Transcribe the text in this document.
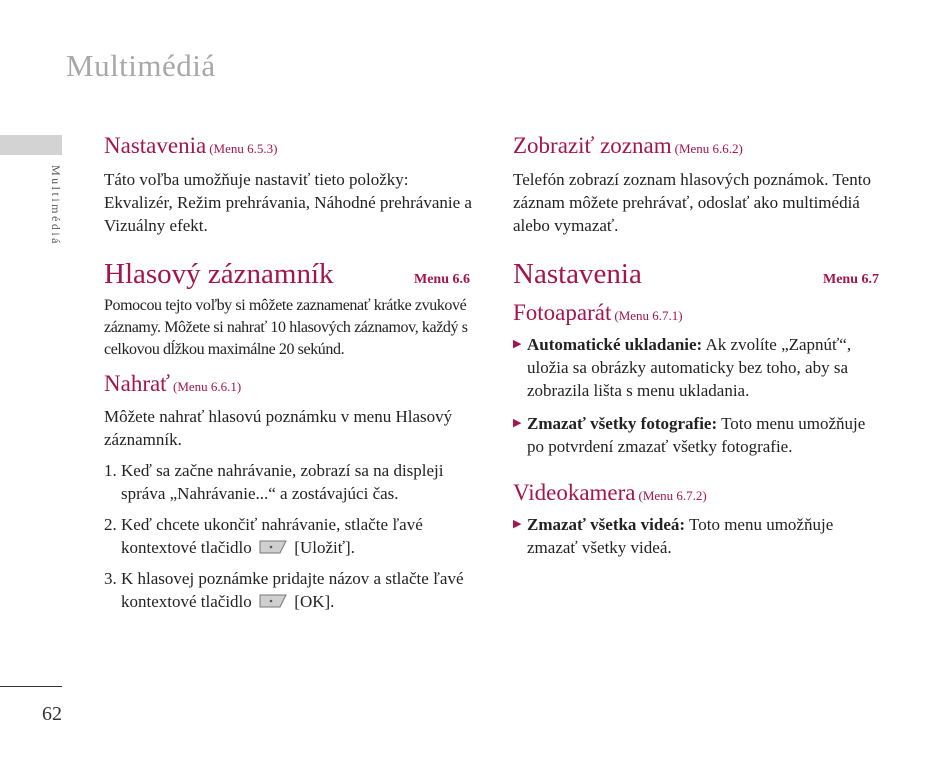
Multimédiá
Multimédiá
62
Nastavenia (Menu 6.5.3)

Táto voľba umožňuje nastaviť tieto položky: Ekvalizér, Režim prehrávania, Náhodné prehrávanie a Vizuálny efekt.

Hlasový záznamník	Menu 6.6

Pomocou tejto voľby si môžete zaznamenať krátke zvukové záznamy. Môžete si nahrať 10 hlasových záznamov, každý s celkovou dĺžkou maximálne 20 sekúnd.

Nahrať (Menu 6.6.1)

Môžete nahrať hlasovú poznámku v menu Hlasový záznamník.

1. Keď sa začne nahrávanie, zobrazí sa na displeji správa „Nahrávanie...“ a zostávajúci čas.

2. Keď chcete ukončiť nahrávanie, stlačte ľavé kontextové tlačidlo	[Uložiť].

3. K hlasovej poznámke pridajte názov a stlačte ľavé kontextové tlačidlo	[OK].

Zobraziť zoznam (Menu 6.6.2)

Telefón zobrazí zoznam hlasových poznámok. Tento záznam môžete prehrávať, odoslať ako multimédiá alebo vymazať.

Nastavenia	Menu 6.7
Fotoaparát (Menu 6.7.1)
▶ Automatické ukladanie: Ak zvolíte „Zapnúť“, uložia sa obrázky automaticky bez toho, aby sa zobrazila lišta s menu ukladania.
▶ Zmazať všetky fotografie: Toto menu umožňuje po potvrdení zmazať všetky fotografie.
Videokamera (Menu 6.7.2)
▶ Zmazať všetka videá: Toto menu umožňuje zmazať všetky videá.
